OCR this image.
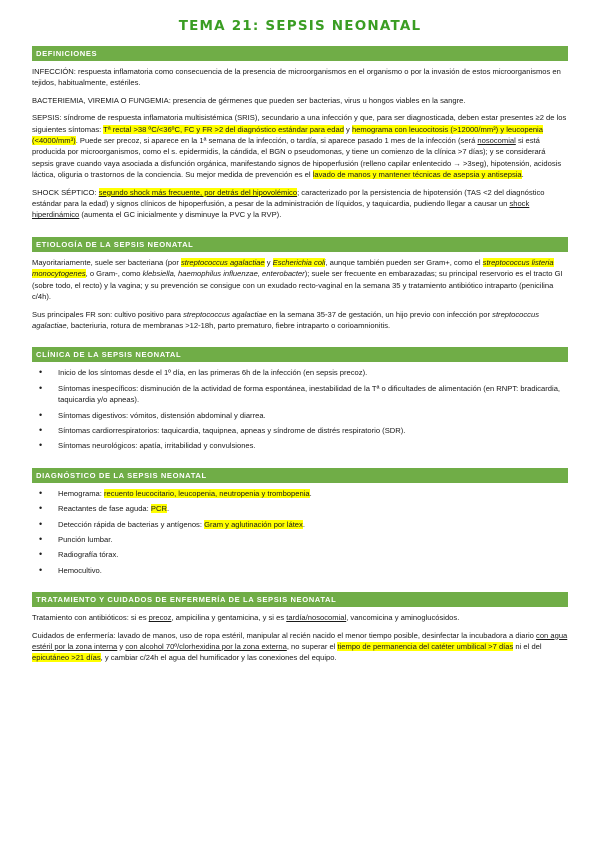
TEMA 21: SEPSIS NEONATAL
DEFINICIONES

INFECCIÓN: respuesta inflamatoria como consecuencia de la presencia de microorganismos en el organismo o por la invasión de estos microorganismos en tejidos, habitualmente, estériles.

BACTERIEMIA, VIREMIA O FUNGEMIA: presencia de gérmenes que pueden ser bacterias, virus u hongos viables en la sangre.

SEPSIS: síndrome de respuesta inflamatoria multisistémica (SRIS), secundario a una infección y que, para ser diagnosticada, deben estar presentes ≥2 de los siguientes síntomas: Tª rectal >38 ºC/<36ºC, FC y FR >2 del diagnóstico estándar para edad y hemograma con leucocitosis (>12000/mm³) y leucopenia (<4000/mm³). Puede ser precoz, si aparece en la 1ª semana de la infección, o tardía, si aparece pasado 1 mes de la infección (será nosocomial si está producida por microorganismos, como el s. epidermidis, la cándida, el BGN o pseudomonas, y tiene un comienzo de la clínica >7 días); y se considerará sepsis grave cuando vaya asociada a disfunción orgánica, manifestando signos de hipoperfusión (relleno capilar enlentecido → >3seg), hipotensión, acidosis láctica, oliguria o trastornos de la conciencia. Su mejor medida de prevención es el lavado de manos y mantener técnicas de asepsia y antisepsia.

SHOCK SÉPTICO: segundo shock más frecuente, por detrás del hipovolémico; caracterizado por la persistencia de hipotensión (TAS <2 del diagnóstico estándar para la edad) y signos clínicos de hipoperfusión, a pesar de la administración de líquidos, y taquicardia, pudiendo llegar a causar un shock hiperdinámico (aumenta el GC inicialmente y disminuye la PVC y la RVP).

ETIOLOGÍA DE LA SEPSIS NEONATAL

Mayoritariamente, suele ser bacteriana (por streptococcus agalactiae y Escherichia coli, aunque también pueden ser Gram+, como el streptococcus listeria monocytogenes, o Gram-, como klebsiella, haemophilus influenzae, enterobacter); suele ser frecuente en embarazadas; su principal reservorio es el tracto GI (sobre todo, el recto) y la vagina; y su prevención se consigue con un exudado recto-vaginal en la semana 35 y tratamiento antibiótico intraparto (penicilina c/4h).

Sus principales FR son: cultivo positivo para streptococcus agalactiae en la semana 35-37 de gestación, un hijo previo con infección por streptococcus agalactiae, bacteriuria, rotura de membranas >12-18h, parto prematuro, fiebre intraparto o corioamnionitis.

CLÍNICA DE LA SEPSIS NEONATAL
• Inicio de los síntomas desde el 1º día, en las primeras 6h de la infección (en sepsis precoz).
• Síntomas inespecíficos: disminución de la actividad de forma espontánea, inestabilidad de la Tª o dificultades de alimentación (en RNPT: bradicardia, taquicardia y/o apneas).
• Síntomas digestivos: vómitos, distensión abdominal y diarrea.
• Síntomas cardiorrespiratorios: taquicardia, taquipnea, apneas y síndrome de distrés respiratorio (SDR).
• Síntomas neurológicos: apatía, irritabilidad y convulsiones.
DIAGNÓSTICO DE LA SEPSIS NEONATAL
• Hemograma: recuento leucocitario, leucopenia, neutropenia y trombopenia.
• Reactantes de fase aguda: PCR.
• Detección rápida de bacterias y antígenos: Gram y aglutinación por látex.
• Punción lumbar.
• Radiografía tórax.
• Hemocultivo.
TRATAMIENTO Y CUIDADOS DE ENFERMERÍA DE LA SEPSIS NEONATAL

Tratamiento con antibióticos: si es precoz, ampicilina y gentamicina, y si es tardía/nosocomial, vancomicina y aminoglucósidos.

Cuidados de enfermería: lavado de manos, uso de ropa estéril, manipular al recién nacido el menor tiempo posible, desinfectar la incubadora a diario con agua estéril por la zona interna y con alcohol 70º/clorhexidina por la zona externa, no superar el tiempo de permanencia del catéter umbilical >7 días ni el del epicutáneo >21 días, y cambiar c/24h el agua del humificador y las conexiones del equipo.
